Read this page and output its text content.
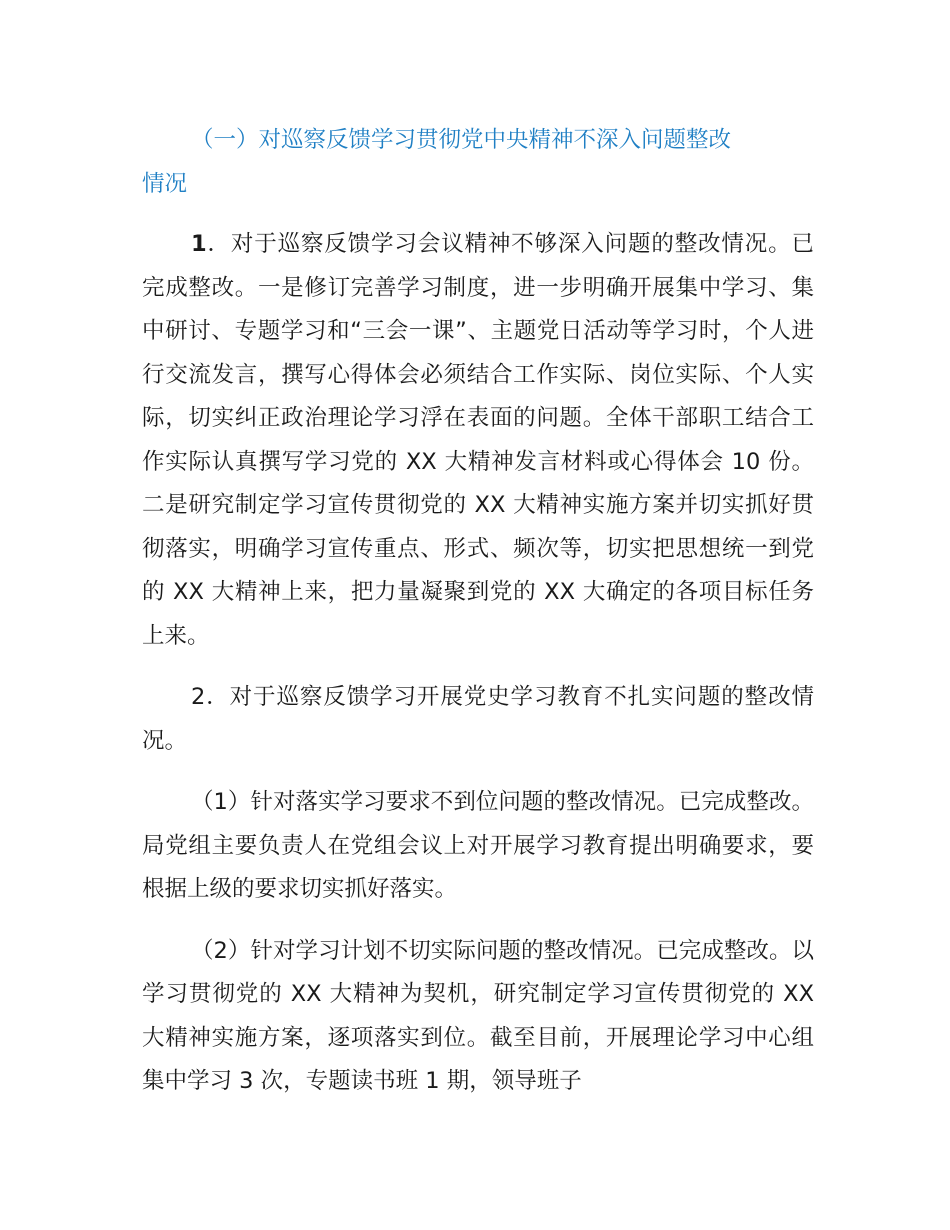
（一）对巡察反馈学习贯彻党中央精神不深入问题整改
情况

1．对于巡察反馈学习会议精神不够深入问题的整改情况。已完成整改。一是修订完善学习制度，进一步明确开展集中学习、集中研讨、专题学习和“三会一课”、主题党日活动等学习时，个人进行交流发言，撰写心得体会必须结合工作实际、岗位实际、个人实际，切实纠正政治理论学习浮在表面的问题。全体干部职工结合工作实际认真撰写学习党的 XX 大精神发言材料或心得体会 10 份。二是研究制定学习宣传贯彻党的 XX 大精神实施方案并切实抓好贯彻落实，明确学习宣传重点、形式、频次等，切实把思想统一到党的 XX 大精神上来，把力量凝聚到党的 XX 大确定的各项目标任务上来。

2．对于巡察反馈学习开展党史学习教育不扎实问题的整改情况。

（1）针对落实学习要求不到位问题的整改情况。已完成整改。局党组主要负责人在党组会议上对开展学习教育提出明确要求，要根据上级的要求切实抓好落实。

（2）针对学习计划不切实际问题的整改情况。已完成整改。以学习贯彻党的 XX 大精神为契机，研究制定学习宣传贯彻党的 XX 大精神实施方案，逐项落实到位。截至目前，开展理论学习中心组集中学习 3 次，专题读书班 1 期，领导班子
